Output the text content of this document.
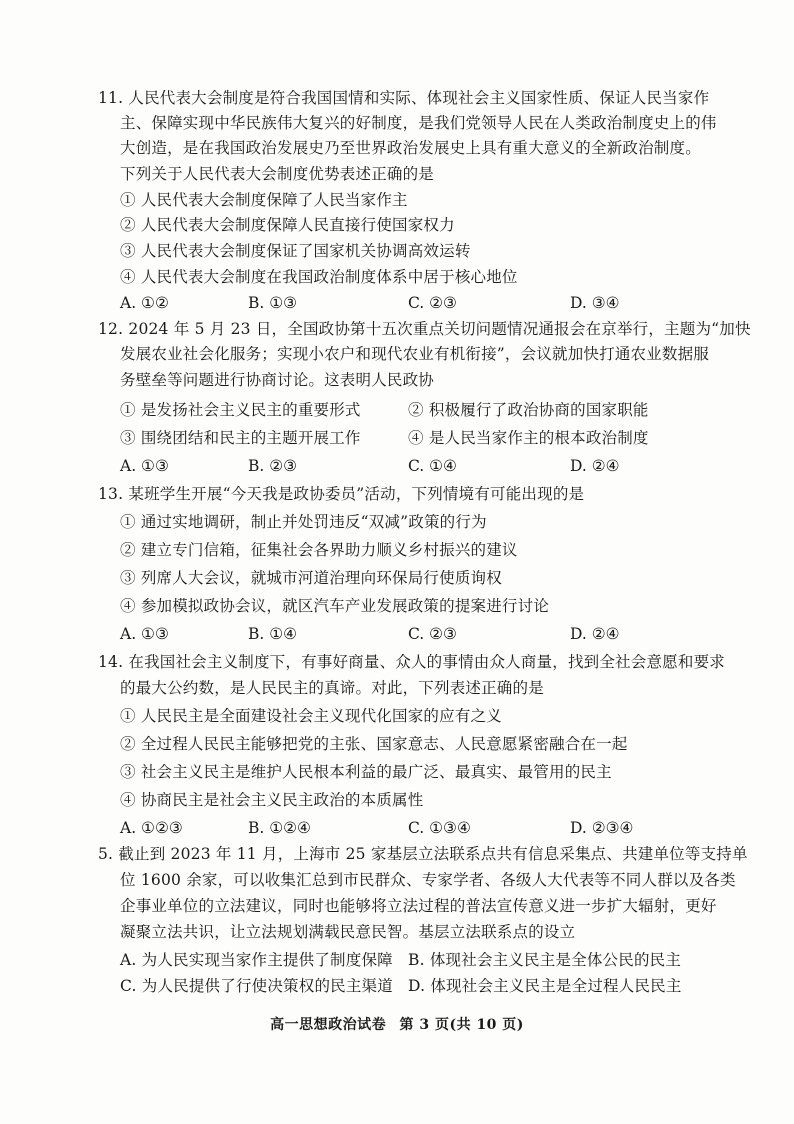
11. 人民代表大会制度是符合我国国情和实际、体现社会主义国家性质、保证人民当家作
主、保障实现中华民族伟大复兴的好制度，是我们党领导人民在人类政治制度史上的伟
大创造，是在我国政治发展史乃至世界政治发展史上具有重大意义的全新政治制度。
下列关于人民代表大会制度优势表述正确的是
① 人民代表大会制度保障了人民当家作主
② 人民代表大会制度保障人民直接行使国家权力
③ 人民代表大会制度保证了国家机关协调高效运转
④ 人民代表大会制度在我国政治制度体系中居于核心地位
A. ①②	B. ①③	C. ②③	D. ③④
12. 2024 年 5 月 23 日，全国政协第十五次重点关切问题情况通报会在京举行，主题为“加快
发展农业社会化服务；实现小农户和现代农业有机衔接”，会议就加快打通农业数据服
务壁垒等问题进行协商讨论。这表明人民政协
① 是发扬社会主义民主的重要形式	② 积极履行了政治协商的国家职能
③ 围绕团结和民主的主题开展工作	④ 是人民当家作主的根本政治制度
A. ①③	B. ②③	C. ①④	D. ②④
13. 某班学生开展“今天我是政协委员”活动，下列情境有可能出现的是
① 通过实地调研，制止并处罚违反“双减”政策的行为
② 建立专门信箱，征集社会各界助力顺义乡村振兴的建议
③ 列席人大会议，就城市河道治理向环保局行使质询权
④ 参加模拟政协会议，就区汽车产业发展政策的提案进行讨论
A. ①③	B. ①④	C. ②③	D. ②④
14. 在我国社会主义制度下，有事好商量、众人的事情由众人商量，找到全社会意愿和要求
的最大公约数，是人民民主的真谛。对此，下列表述正确的是
① 人民民主是全面建设社会主义现代化国家的应有之义
② 全过程人民民主能够把党的主张、国家意志、人民意愿紧密融合在一起
③ 社会主义民主是维护人民根本利益的最广泛、最真实、最管用的民主
④ 协商民主是社会主义民主政治的本质属性
A. ①②③	B. ①②④	C. ①③④	D. ②③④
5. 截止到 2023 年 11 月，上海市 25 家基层立法联系点共有信息采集点、共建单位等支持单
位 1600 余家，可以收集汇总到市民群众、专家学者、各级人大代表等不同人群以及各类
企事业单位的立法建议，同时也能够将立法过程的普法宣传意义进一步扩大辐射，更好
凝聚立法共识，让立法规划满载民意民智。基层立法联系点的设立
A. 为人民实现当家作主提供了制度保障 B. 体现社会主义民主是全体公民的民主
C. 为人民提供了行使决策权的民主渠道 D. 体现社会主义民主是全过程人民民主
高一思想政治试卷 第 3 页(共 10 页)
